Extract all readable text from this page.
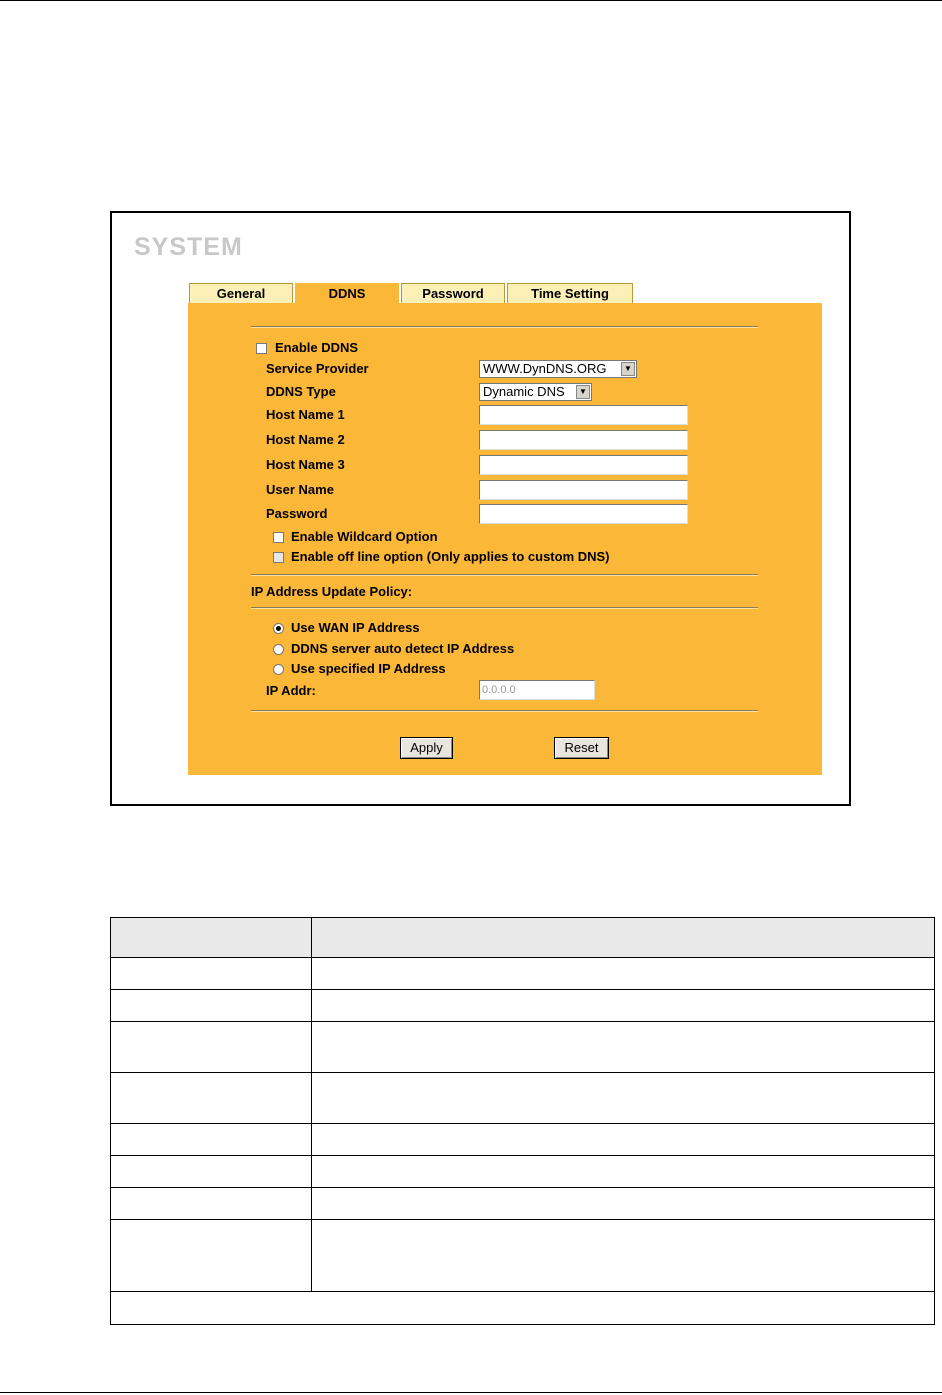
SYSTEM
General	DDNS	Password	Time Setting
Enable DDNS
Service Provider	WWW.DynDNS.ORG	▼
DDNS Type	Dynamic DNS	▼
Host Name 1
Host Name 2
Host Name 3
User Name
Password
Enable Wildcard Option
Enable off line option (Only applies to custom DNS)
IP Address Update Policy:
Use WAN IP Address
DDNS server auto detect IP Address
Use specified IP Address
IP Addr:	0.0.0.0
Apply	Reset
